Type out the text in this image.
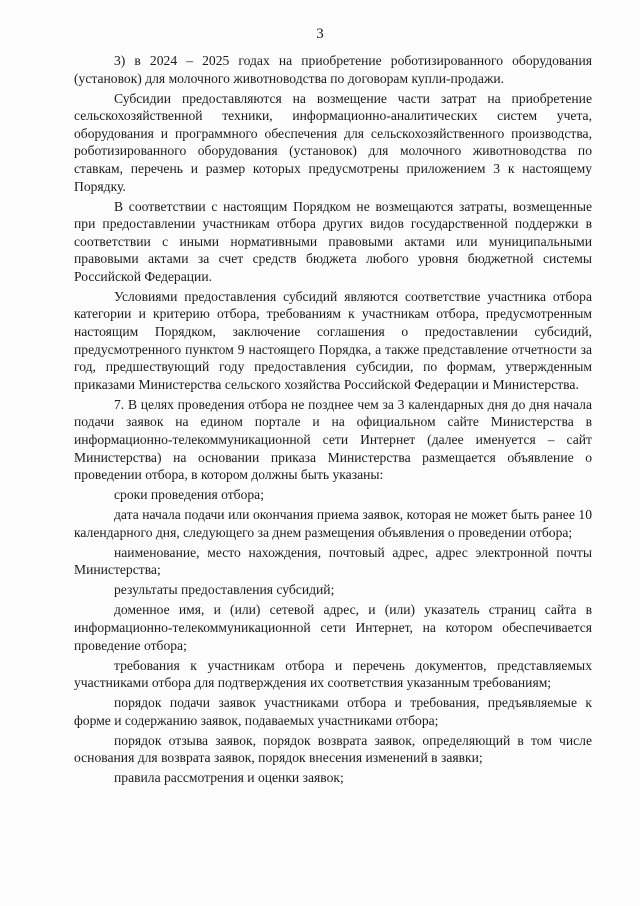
3

3) в 2024 – 2025 годах на приобретение роботизированного оборудования (установок) для молочного животноводства по договорам купли-продажи.

Субсидии предоставляются на возмещение части затрат на приобретение сельскохозяйственной техники, информационно-аналитических систем учета, оборудования и программного обеспечения для сельскохозяйственного производства, роботизированного оборудования (установок) для молочного животноводства по ставкам, перечень и размер которых предусмотрены приложением 3 к настоящему Порядку.

В соответствии с настоящим Порядком не возмещаются затраты, возмещенные при предоставлении участникам отбора других видов государственной поддержки в соответствии с иными нормативными правовыми актами или муниципальными правовыми актами за счет средств бюджета любого уровня бюджетной системы Российской Федерации.

Условиями предоставления субсидий являются соответствие участника отбора категории и критерию отбора, требованиям к участникам отбора, предусмотренным настоящим Порядком, заключение соглашения о предоставлении субсидий, предусмотренного пунктом 9 настоящего Порядка, а также представление отчетности за год, предшествующий году предоставления субсидии, по формам, утвержденным приказами Министерства сельского хозяйства Российской Федерации и Министерства.

7. В целях проведения отбора не позднее чем за 3 календарных дня до дня начала подачи заявок на едином портале и на официальном сайте Министерства в информационно-телекоммуникационной сети Интернет (далее именуется – сайт Министерства) на основании приказа Министерства размещается объявление о проведении отбора, в котором должны быть указаны:

сроки проведения отбора;

дата начала подачи или окончания приема заявок, которая не может быть ранее 10 календарного дня, следующего за днем размещения объявления о проведении отбора;

наименование, место нахождения, почтовый адрес, адрес электронной почты Министерства;

результаты предоставления субсидий;

доменное имя, и (или) сетевой адрес, и (или) указатель страниц сайта в информационно-телекоммуникационной сети Интернет, на котором обеспечивается проведение отбора;

требования к участникам отбора и перечень документов, представляемых участниками отбора для подтверждения их соответствия указанным требованиям;

порядок подачи заявок участниками отбора и требования, предъявляемые к форме и содержанию заявок, подаваемых участниками отбора;

порядок отзыва заявок, порядок возврата заявок, определяющий в том числе основания для возврата заявок, порядок внесения изменений в заявки;

правила рассмотрения и оценки заявок;
